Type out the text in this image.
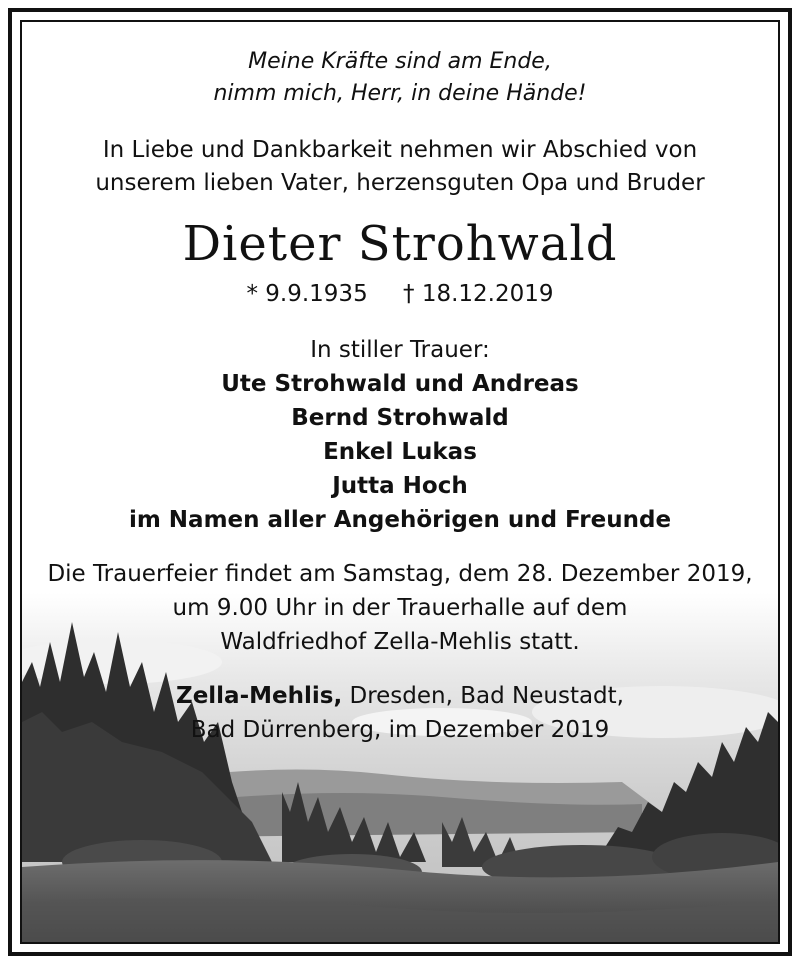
Meine Kräfte sind am Ende,
nimm mich, Herr, in deine Hände!
In Liebe und Dankbarkeit nehmen wir Abschied von
unserem lieben Vater, herzensguten Opa und Bruder
Dieter Strohwald
* 9.9.1935 † 18.12.2019
In stiller Trauer:
Ute Strohwald und Andreas
Bernd Strohwald
Enkel Lukas
Jutta Hoch
im Namen aller Angehörigen und Freunde
Die Trauerfeier findet am Samstag, dem 28. Dezember 2019,
um 9.00 Uhr in der Trauerhalle auf dem
Waldfriedhof Zella-Mehlis statt.
Zella-Mehlis, Dresden, Bad Neustadt,
Bad Dürrenberg, im Dezember 2019
